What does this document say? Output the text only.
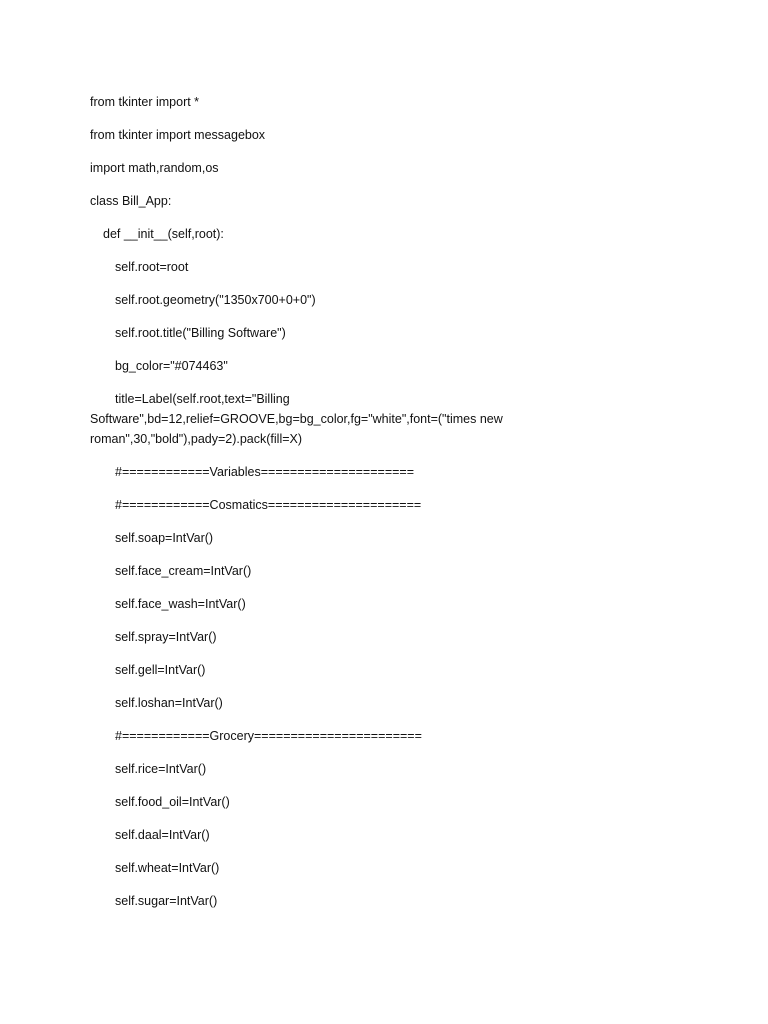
from tkinter import *
from tkinter import messagebox
import math,random,os
class Bill_App:
def __init__(self,root):
self.root=root
self.root.geometry("1350x700+0+0")
self.root.title("Billing Software")
bg_color="#074463"
title=Label(self.root,text="Billing Software",bd=12,relief=GROOVE,bg=bg_color,fg="white",font=("times new roman",30,"bold"),pady=2).pack(fill=X)
#============Variables=====================
#============Cosmatics=====================
self.soap=IntVar()
self.face_cream=IntVar()
self.face_wash=IntVar()
self.spray=IntVar()
self.gell=IntVar()
self.loshan=IntVar()
#============Grocery=======================
self.rice=IntVar()
self.food_oil=IntVar()
self.daal=IntVar()
self.wheat=IntVar()
self.sugar=IntVar()
